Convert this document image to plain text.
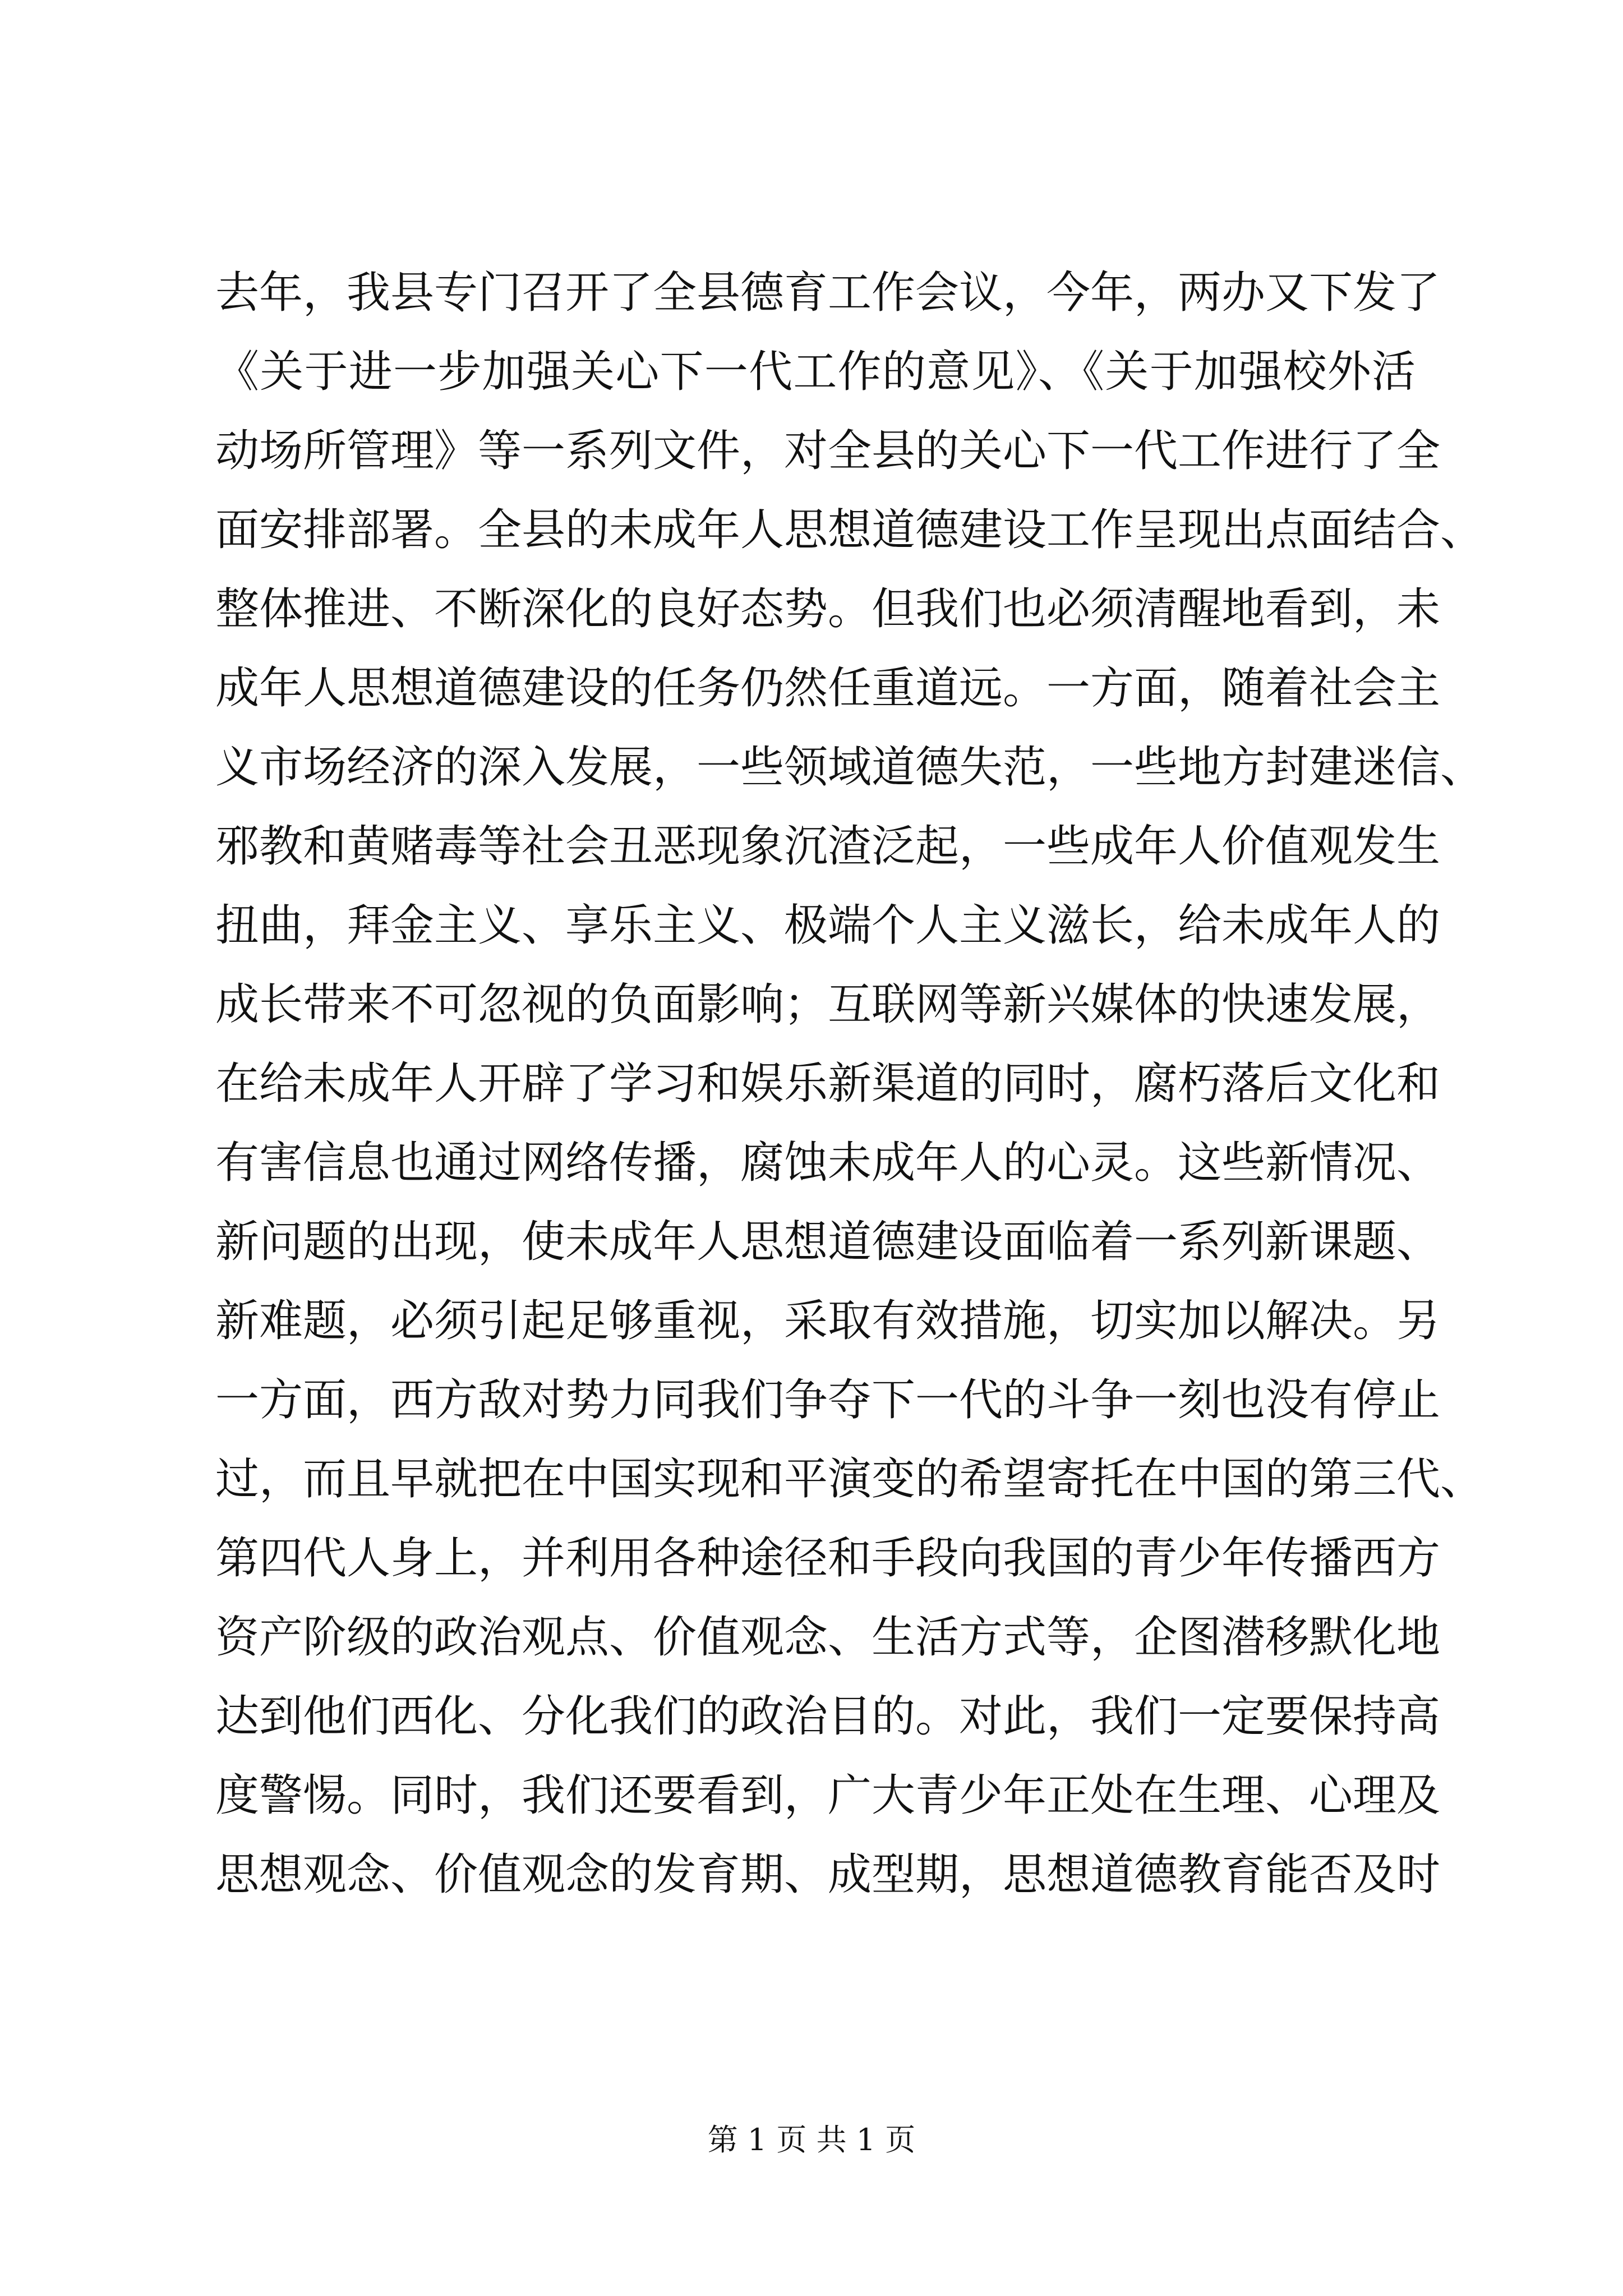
去年，我县专门召开了全县德育工作会议，今年，两办又下发了
《关于进一步加强关心下一代工作的意见》、《关于加强校外活
动场所管理》等一系列文件，对全县的关心下一代工作进行了全
面安排部署。全县的未成年人思想道德建设工作呈现出点面结合、
整体推进、不断深化的良好态势。但我们也必须清醒地看到，未
成年人思想道德建设的任务仍然任重道远。一方面，随着社会主
义市场经济的深入发展，一些领域道德失范，一些地方封建迷信、
邪教和黄赌毒等社会丑恶现象沉渣泛起，一些成年人价值观发生
扭曲，拜金主义、享乐主义、极端个人主义滋长，给未成年人的
成长带来不可忽视的负面影响；互联网等新兴媒体的快速发展，
在给未成年人开辟了学习和娱乐新渠道的同时，腐朽落后文化和
有害信息也通过网络传播，腐蚀未成年人的心灵。这些新情况、
新问题的出现，使未成年人思想道德建设面临着一系列新课题、
新难题，必须引起足够重视，采取有效措施，切实加以解决。另
一方面，西方敌对势力同我们争夺下一代的斗争一刻也没有停止
过，而且早就把在中国实现和平演变的希望寄托在中国的第三代、
第四代人身上，并利用各种途径和手段向我国的青少年传播西方
资产阶级的政治观点、价值观念、生活方式等，企图潜移默化地
达到他们西化、分化我们的政治目的。对此，我们一定要保持高
度警惕。同时，我们还要看到，广大青少年正处在生理、心理及
思想观念、价值观念的发育期、成型期，思想道德教育能否及时
第 1 页 共 1 页
